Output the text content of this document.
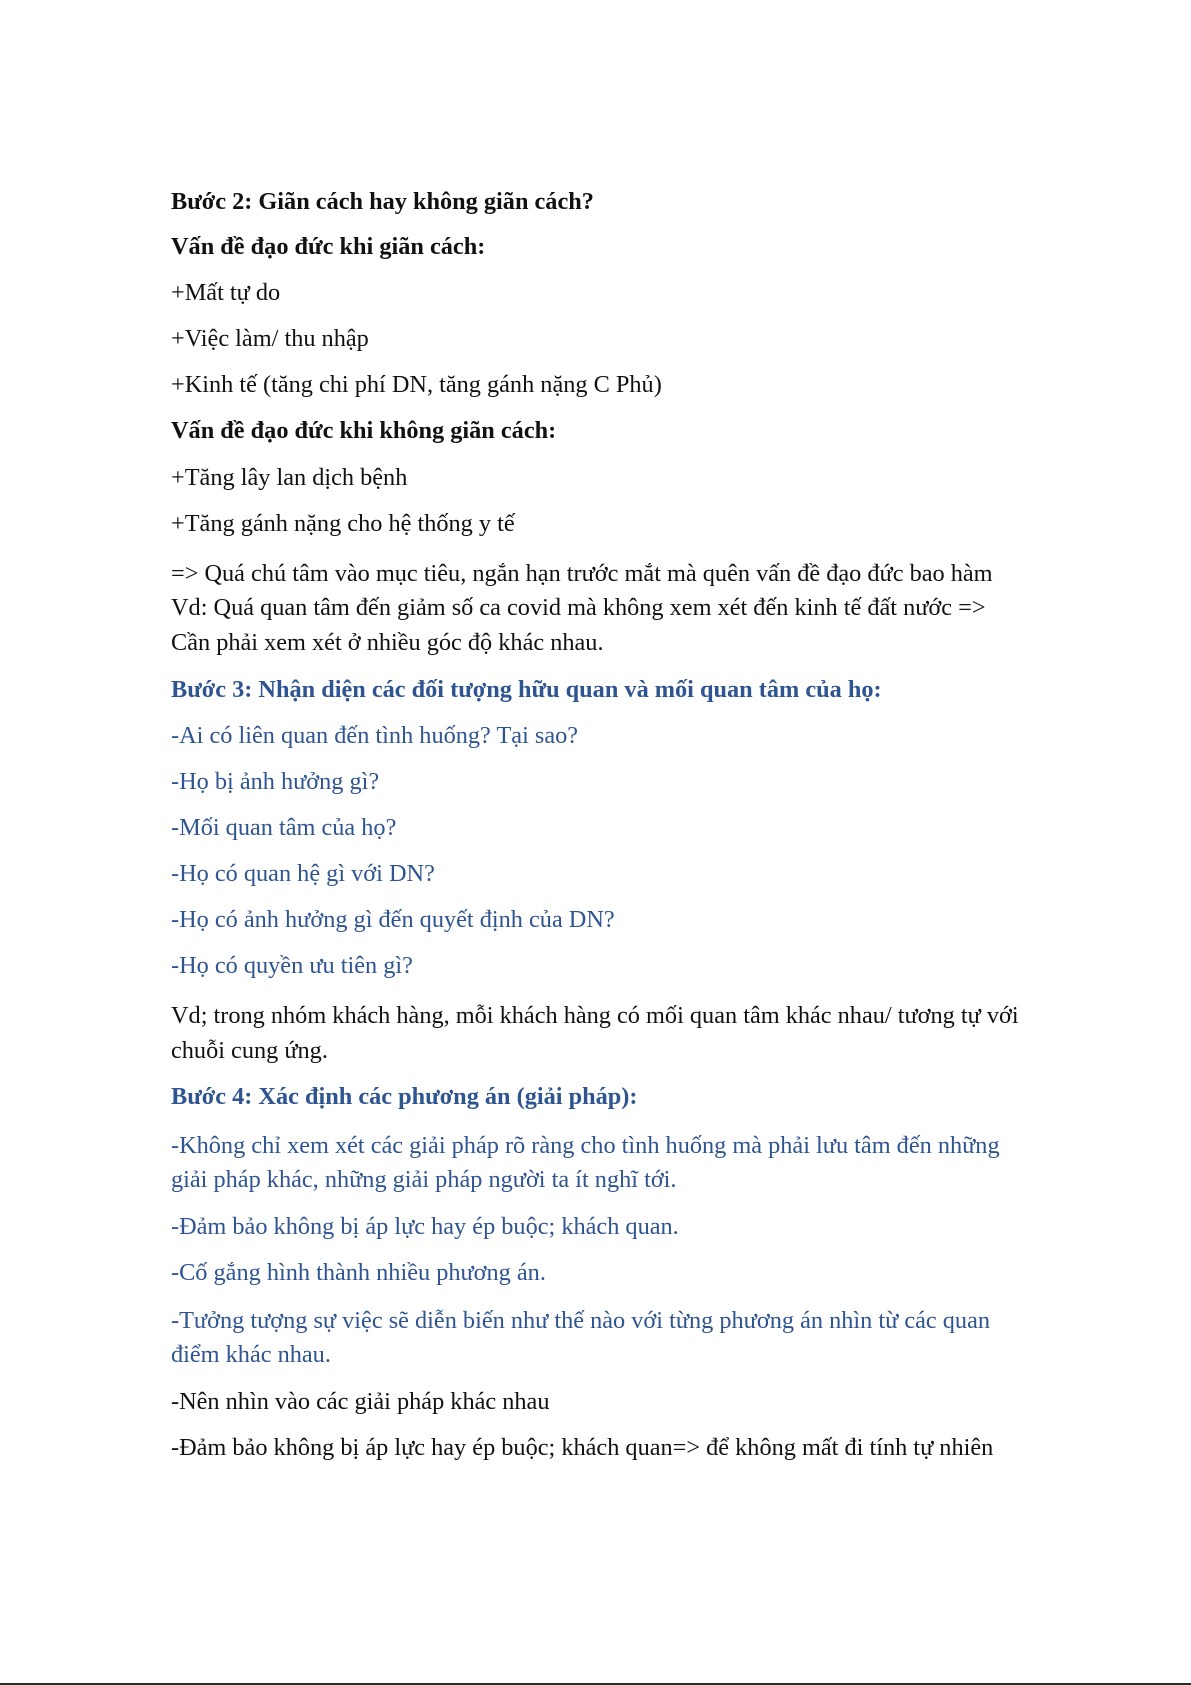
Bước 2: Giãn cách hay không giãn cách?
Vấn đề đạo đức khi giãn cách:
+Mất tự do
+Việc làm/ thu nhập
+Kinh tế (tăng chi phí DN, tăng gánh nặng C Phủ)
Vấn đề đạo đức khi không giãn cách:
+Tăng lây lan dịch bệnh
+Tăng gánh nặng cho hệ thống y tế
=> Quá chú tâm vào mục tiêu, ngắn hạn trước mắt mà quên vấn đề đạo đức bao hàm
Vd: Quá quan tâm đến giảm số ca covid mà không xem xét đến kinh tế đất nước =>
Cần phải xem xét ở nhiều góc độ khác nhau.
Bước 3: Nhận diện các đối tượng hữu quan và mối quan tâm của họ:
-Ai có liên quan đến tình huống? Tại sao?
-Họ bị ảnh hưởng gì?
-Mối quan tâm của họ?
-Họ có quan hệ gì với DN?
-Họ có ảnh hưởng gì đến quyết định của DN?
-Họ có quyền ưu tiên gì?
Vd; trong nhóm khách hàng, mỗi khách hàng có mối quan tâm khác nhau/ tương tự với
chuỗi cung ứng.
Bước 4: Xác định các phương án (giải pháp):
-Không chỉ xem xét các giải pháp rõ ràng cho tình huống mà phải lưu tâm đến những
giải pháp khác, những giải pháp người ta ít nghĩ tới.
-Đảm bảo không bị áp lực hay ép buộc; khách quan.
-Cố gắng hình thành nhiều phương án.
-Tưởng tượng sự việc sẽ diễn biến như thế nào với từng phương án nhìn từ các quan
điểm khác nhau.
-Nên nhìn vào các giải pháp khác nhau
-Đảm bảo không bị áp lực hay ép buộc; khách quan=> để không mất đi tính tự nhiên
